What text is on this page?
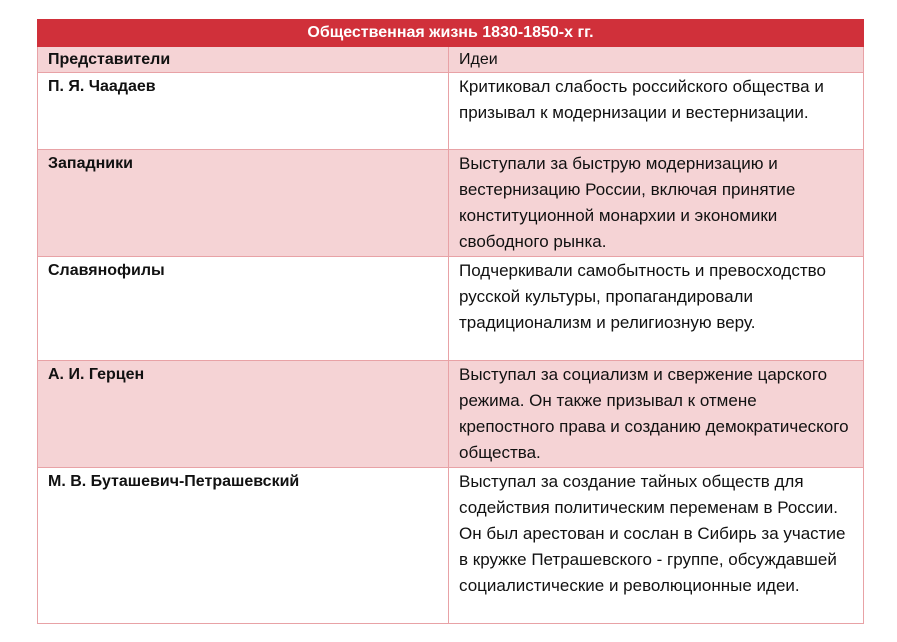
Общественная жизнь 1830-1850-х гг.	
Представители	Идеи
П. Я. Чаадаев	Критиковал слабость российского общества и призывал к модернизации и вестернизации.
Западники	Выступали за быструю модернизацию и вестернизацию России, включая принятие конституционной монархии и экономики свободного рынка.
Славянофилы	Подчеркивали самобытность и превосходство русской культуры, пропагандировали традиционализм и религиозную веру.
А. И. Герцен	Выступал за социализм и свержение царского режима. Он также призывал к отмене крепостного права и созданию демократического общества.
М. В. Буташевич-Петрашевский	Выступал за создание тайных обществ для содействия политическим переменам в России. Он был арестован и сослан в Сибирь за участие в кружке Петрашевского - группе, обсуждавшей социалистические и революционные идеи.
